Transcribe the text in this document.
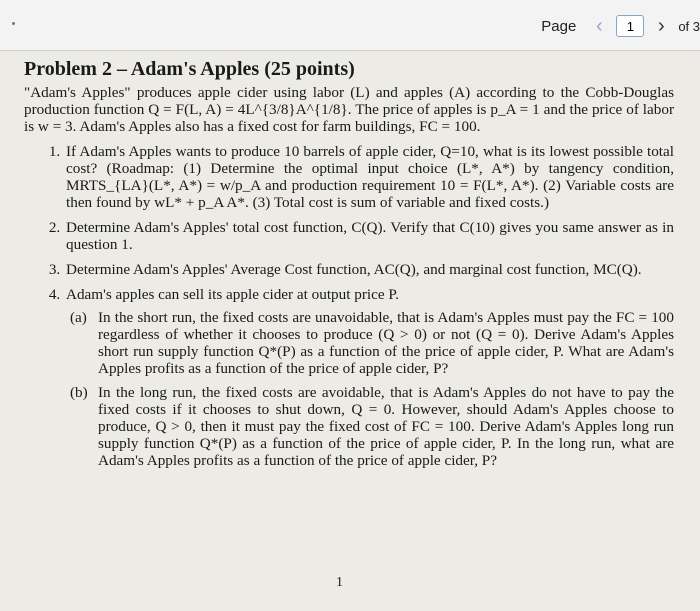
Page ‹
1	›	of 3
Problem 2 – Adam's Apples (25 points)

"Adam's Apples" produces apple cider using labor (L) and apples (A) according to the Cobb-Douglas production function Q = F(L, A) = 4L^{3/8}A^{1/8}. The price of apples is p_A = 1 and the price of labor is w = 3. Adam's Apples also has a fixed cost for farm buildings, FC = 100.

1. If Adam's Apples wants to produce 10 barrels of apple cider, Q=10, what is its lowest possible total cost? (Roadmap: (1) Determine the optimal input choice (L*, A*) by tangency condition, MRTS_{LA}(L*, A*) = w/p_A and production requirement 10 = F(L*, A*). (2) Variable costs are then found by wL* + p_A A*. (3) Total cost is sum of variable and fixed costs.)
2. Determine Adam's Apples' total cost function, C(Q). Verify that C(10) gives you same answer as in question 1.
3. Determine Adam's Apples' Average Cost function, AC(Q), and marginal cost function, MC(Q).
4. Adam's apples can sell its apple cider at output price P.
(a) In the short run, the fixed costs are unavoidable, that is Adam's Apples must pay the FC = 100 regardless of whether it chooses to produce (Q > 0) or not (Q = 0). Derive Adam's Apples short run supply function Q*(P) as a function of the price of apple cider, P. What are Adam's Apples profits as a function of the price of apple cider, P?
(b) In the long run, the fixed costs are avoidable, that is Adam's Apples do not have to pay the fixed costs if it chooses to shut down, Q = 0. However, should Adam's Apples choose to produce, Q > 0, then it must pay the fixed cost of FC = 100. Derive Adam's Apples long run supply function Q*(P) as a function of the price of apple cider, P. In the long run, what are Adam's Apples profits as a function of the price of apple cider, P?
1
